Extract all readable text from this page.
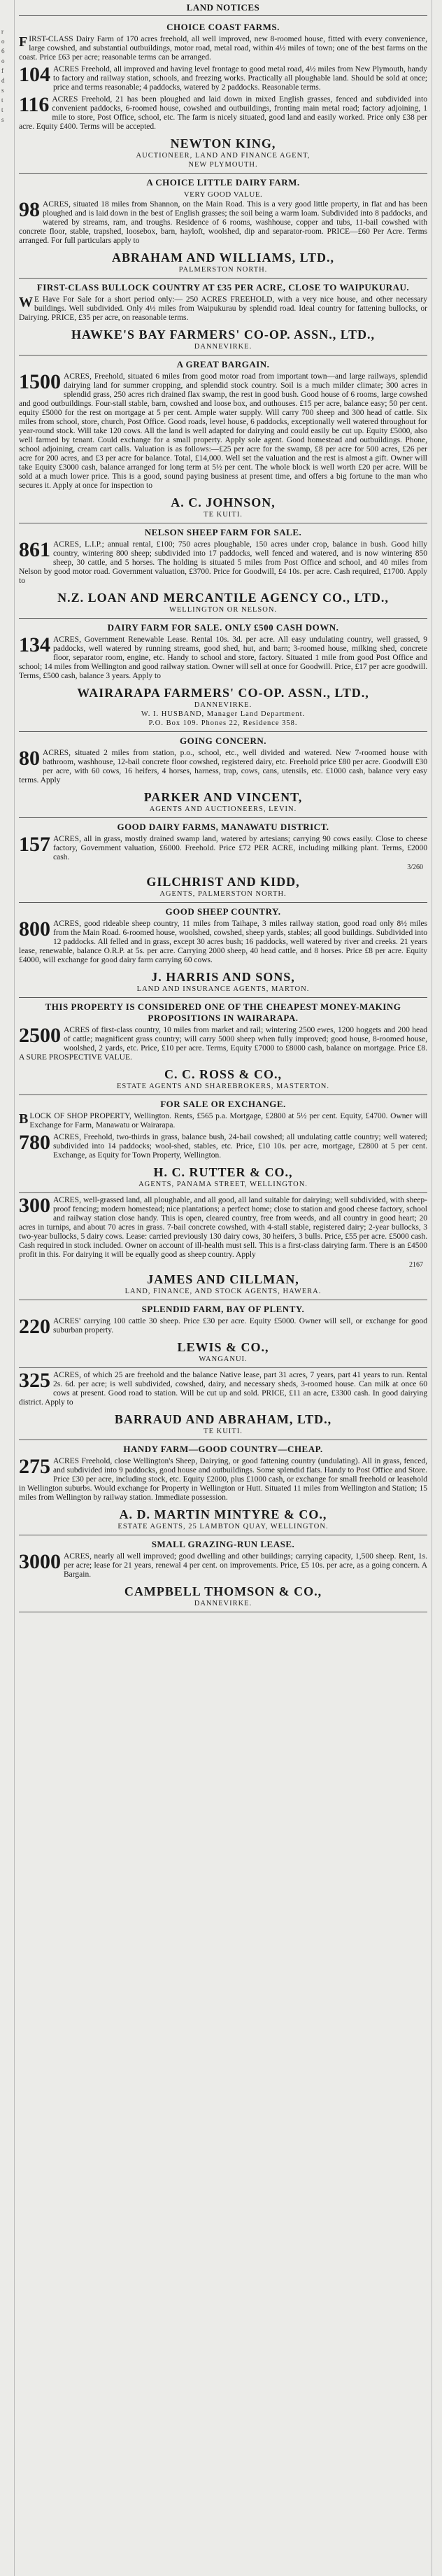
r
o
6
o
f
d
s
t
t
s
LAND NOTICES
CHOICE COAST FARMS.

FIRST-CLASS Dairy Farm of 170 acres freehold, all well improved, new 8-roomed house, fitted with every convenience, large cowshed, and substantial outbuildings, motor road, metal road, within 4½ miles of town; one of the best farms on the coast. Price £63 per acre; reasonable terms can be arranged.

104 ACRES Freehold, all improved and having level frontage to good metal road, 4½ miles from New Plymouth, handy to factory and railway station, schools, and freezing works. Practically all ploughable land. Should be sold at once; price and terms reasonable; 4 paddocks, watered by 2 paddocks. Reasonable terms.

116 ACRES Freehold, 21 has been ploughed and laid down in mixed English grasses, fenced and subdivided into convenient paddocks, 6-roomed house, cowshed and outbuildings, fronting main metal road; factory adjoining, 1 mile to store, Post Office, school, etc. The farm is nicely situated, good land and easily worked. Price only £38 per acre. Equity £400. Terms will be accepted.

NEWTON KING,
AUCTIONEER, LAND AND FINANCE AGENT,
NEW PLYMOUTH.
A CHOICE LITTLE DAIRY FARM.
VERY GOOD VALUE.

98 ACRES, situated 18 miles from Shannon, on the Main Road. This is a very good little property, in flat and has been ploughed and is laid down in the best of English grasses; the soil being a warm loam. Subdivided into 8 paddocks, and watered by streams, ram, and troughs. Residence of 6 rooms, washhouse, copper and tubs, 11-bail cowshed with concrete floor, stable, trapshed, loosebox, barn, hayloft, woolshed, dip and separator-room. PRICE—£60 Per Acre. Terms arranged. For full particulars apply to

ABRAHAM AND WILLIAMS, LTD.,
PALMERSTON NORTH.
FIRST-CLASS BULLOCK COUNTRY AT £35 PER ACRE, CLOSE TO WAIPUKURAU.

W E Have For Sale for a short period only:— 250 ACRES FREEHOLD, with a very nice house, and other necessary buildings. Well subdivided. Only 4½ miles from Waipukurau by splendid road. Ideal country for fattening bullocks, or Dairying. PRICE, £35 per acre, on reasonable terms.

HAWKE'S BAY FARMERS' CO-OP. ASSN., LTD.,
DANNEVIRKE.
A GREAT BARGAIN.

1500 ACRES, Freehold, situated 6 miles from good motor road from important town—and large railways, splendid dairying land for summer cropping, and splendid stock country. Soil is a much milder climate; 300 acres in splendid grass, 250 acres rich drained flax swamp, the rest in good bush. Good house of 6 rooms, large cowshed and good outbuildings. Four-stall stable, barn, cowshed and loose box, and outhouses. £15 per acre, balance easy; 50 per cent. equity £5000 for the rest on mortgage at 5 per cent. Ample water supply. Will carry 700 sheep and 300 head of cattle. Six miles from school, store, church, Post Office. Good roads, level house, 6 paddocks, exceptionally well watered throughout for year-round stock. Will take 120 cows. All the land is well adapted for dairying and could easily be cut up. Equity £5000, also well farmed by tenant. Could exchange for a small property. Apply sole agent. Good homestead and outbuildings. Phone, school adjoining, cream cart calls. Valuation is as follows:—£25 per acre for the swamp, £8 per acre for 500 acres, £26 per acre for 200 acres, and £3 per acre for balance. Total, £14,000. Well set the valuation and the rest is almost a gift. Owner will take Equity £3000 cash, balance arranged for long term at 5½ per cent. The whole block is well worth £20 per acre. Will be sold at a much lower price. This is a good, sound paying business at present time, and offers a big fortune to the man who secures it. Apply at once for inspection to

A. C. JOHNSON,
TE KUITI.
NELSON SHEEP FARM FOR SALE.

861 ACRES, L.I.P.; annual rental, £100; 750 acres ploughable, 150 acres under crop, balance in bush. Good hilly country, wintering 800 sheep; subdivided into 17 paddocks, well fenced and watered, and is now wintering 850 sheep, 30 cattle, and 5 horses. The holding is situated 5 miles from Post Office and school, and 40 miles from Nelson by good motor road. Government valuation, £3700. Price for Goodwill, £4 10s. per acre. Cash required, £1700. Apply to

N.Z. LOAN AND MERCANTILE AGENCY CO., LTD.,
WELLINGTON OR NELSON.
DAIRY FARM FOR SALE. ONLY £500 CASH DOWN.

134 ACRES, Government Renewable Lease. Rental 10s. 3d. per acre. All easy undulating country, well grassed, 9 paddocks, well watered by running streams, good shed, hut, and barn; 3-roomed house, milking shed, concrete floor, separator room, engine, etc. Handy to school and store, factory. Situated 1 mile from good Post Office and school; 14 miles from Wellington and good railway station. Owner will sell at once for Goodwill. Price, £17 per acre goodwill. Terms, £500 cash, balance 3 years. Apply to

WAIRARAPA FARMERS' CO-OP. ASSN., LTD.,
DANNEVIRKE.
W. I. HUSBAND, Manager Land Department.
P.O. Box 109. Phones 22, Residence 358.
GOING CONCERN.

80 ACRES, situated 2 miles from station, p.o., school, etc., well divided and watered. New 7-roomed house with bathroom, washhouse, 12-bail concrete floor cowshed, registered dairy, etc. Freehold price £80 per acre. Goodwill £30 per acre, with 60 cows, 16 heifers, 4 horses, harness, trap, cows, cans, utensils, etc. £1000 cash, balance very easy terms. Apply

PARKER AND VINCENT,
AGENTS AND AUCTIONEERS, LEVIN.
GOOD DAIRY FARMS, MANAWATU DISTRICT.

157 ACRES, all in grass, mostly drained swamp land, watered by artesians; carrying 90 cows easily. Close to cheese factory, Government valuation, £6000. Freehold. Price £72 PER ACRE, including milking plant. Terms, £2000 cash.

3/260
GILCHRIST AND KIDD,
AGENTS, PALMERSTON NORTH.
GOOD SHEEP COUNTRY.

800 ACRES, good rideable sheep country, 11 miles from Taihape, 3 miles railway station, good road only 8½ miles from the Main Road. 6-roomed house, woolshed, cowshed, sheep yards, stables; all good buildings. Subdivided into 12 paddocks. All felled and in grass, except 30 acres bush; 16 paddocks, well watered by river and creeks. 21 years lease, renewable, balance O.R.P. at 5s. per acre. Carrying 2000 sheep, 40 head cattle, and 8 horses. Price £8 per acre. Equity £4000, will exchange for good dairy farm carrying 60 cows.

J. HARRIS AND SONS,
LAND AND INSURANCE AGENTS, MARTON.
THIS PROPERTY IS CONSIDERED ONE OF THE CHEAPEST MONEY-MAKING PROPOSITIONS IN WAIRARAPA.

2500 ACRES of first-class country, 10 miles from market and rail; wintering 2500 ewes, 1200 hoggets and 200 head of cattle; magnificent grass country; will carry 5000 sheep when fully improved; good house, 8-roomed house, woolshed, 2 yards, etc. Price, £10 per acre. Terms, Equity £7000 to £8000 cash, balance on mortgage. Price £8. A SURE PROSPECTIVE VALUE.

C. C. ROSS & CO.,
ESTATE AGENTS AND SHAREBROKERS, MASTERTON.
FOR SALE OR EXCHANGE.

BLOCK OF SHOP PROPERTY, Wellington. Rents, £565 p.a. Mortgage, £2800 at 5½ per cent. Equity, £4700. Owner will Exchange for Farm, Manawatu or Wairarapa.

780 ACRES, Freehold, two-thirds in grass, balance bush, 24-bail cowshed; all undulating cattle country; well watered; subdivided into 14 paddocks; wool-shed, stables, etc. Price, £10 10s. per acre, mortgage, £2800 at 5 per cent. Exchange, as Equity for Town Property, Wellington.

H. C. RUTTER & CO.,
AGENTS, PANAMA STREET, WELLINGTON.

300 ACRES, well-grassed land, all ploughable, and all good, all land suitable for dairying; well subdivided, with sheep-proof fencing; modern homestead; nice plantations; a perfect home; close to station and good cheese factory, school and railway station close handy. This is open, cleared country, free from weeds, and all country in good heart; 20 acres in turnips, and about 70 acres in grass. 7-bail concrete cowshed, with 4-stall stable, registered dairy; 2-year bullocks, 3 two-year bullocks, 5 dairy cows. Lease: carried previously 130 dairy cows, 30 heifers, 3 bulls. Price, £55 per acre. £5000 cash. Cash required in stock included. Owner on account of ill-health must sell. This is a first-class dairying farm. There is an £4500 profit in this. For dairying it will be equally good as sheep country. Apply

2167
JAMES AND CILLMAN,
LAND, FINANCE, AND STOCK AGENTS, HAWERA.
SPLENDID FARM, BAY OF PLENTY.

220 ACRES' carrying 100 cattle 30 sheep. Price £30 per acre. Equity £5000. Owner will sell, or exchange for good suburban property.

LEWIS & CO.,
WANGANUI.

325 ACRES, of which 25 are freehold and the balance Native lease, part 31 acres, 7 years, part 41 years to run. Rental 2s. 6d. per acre; is well subdivided, cowshed, dairy, and necessary sheds, 3-roomed house. Can milk at once 60 cows at present. Good road to station. Will be cut up and sold. PRICE, £11 an acre, £3300 cash. In good dairying district. Apply to

BARRAUD AND ABRAHAM, LTD.,
TE KUITI.
HANDY FARM—GOOD COUNTRY—CHEAP.

275 ACRES Freehold, close Wellington's Sheep, Dairying, or good fattening country (undulating). All in grass, fenced, and subdivided into 9 paddocks, good house and outbuildings. Some splendid flats. Handy to Post Office and Store. Price £30 per acre, including stock, etc. Equity £2000, plus £1000 cash, or exchange for small freehold or leasehold in Wellington suburbs. Would exchange for Property in Wellington or Hutt. Situated 11 miles from Wellington and Station; 15 miles from Wellington by railway station. Immediate possession.

A. D. MARTIN MINTYRE & CO.,
ESTATE AGENTS, 25 LAMBTON QUAY, WELLINGTON.
SMALL GRAZING-RUN LEASE.

3000 ACRES, nearly all well improved; good dwelling and other buildings; carrying capacity, 1,500 sheep. Rent, 1s. per acre; lease for 21 years, renewal 4 per cent. on improvements. Price, £5 10s. per acre, as a going concern. A Bargain.

CAMPBELL THOMSON & CO.,
DANNEVIRKE.
